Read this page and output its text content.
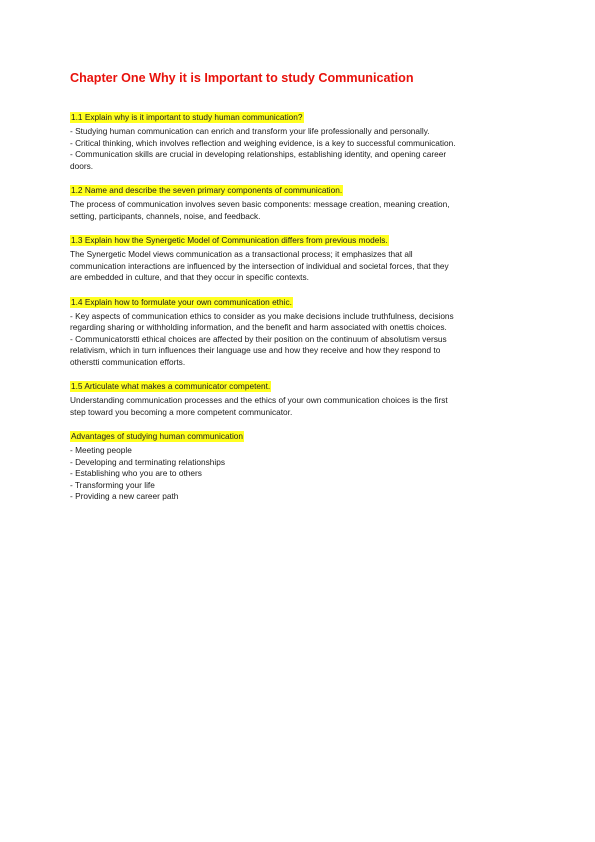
Chapter One Why it is Important to study Communication
1.1 Explain why is it important to study human communication?
- Studying human communication can enrich and transform your life professionally and personally.
- Critical thinking, which involves reflection and weighing evidence, is a key to successful communication.
- Communication skills are crucial in developing relationships, establishing identity, and opening career
doors.
1.2 Name and describe the seven primary components of communication.
The process of communication involves seven basic components: message creation, meaning creation,
setting, participants, channels, noise, and feedback.
1.3 Explain how the Synergetic Model of Communication differs from previous models.
The Synergetic Model views communication as a transactional process; it emphasizes that all
communication interactions are influenced by the intersection of individual and societal forces, that they
are embedded in culture, and that they occur in specific contexts.
1.4 Explain how to formulate your own communication ethic.
- Key aspects of communication ethics to consider as you make decisions include truthfulness, decisions
regarding sharing or withholding information, and the benefit and harm associated with onettis choices.
- Communicatorstti ethical choices are affected by their position on the continuum of absolutism versus
relativism, which in turn influences their language use and how they receive and how they respond to
otherstti communication efforts.
1.5 Articulate what makes a communicator competent.
Understanding communication processes and the ethics of your own communication choices is the first
step toward you becoming a more competent communicator.
Advantages of studying human communication
- Meeting people
- Developing and terminating relationships
- Establishing who you are to others
- Transforming your life
- Providing a new career path
